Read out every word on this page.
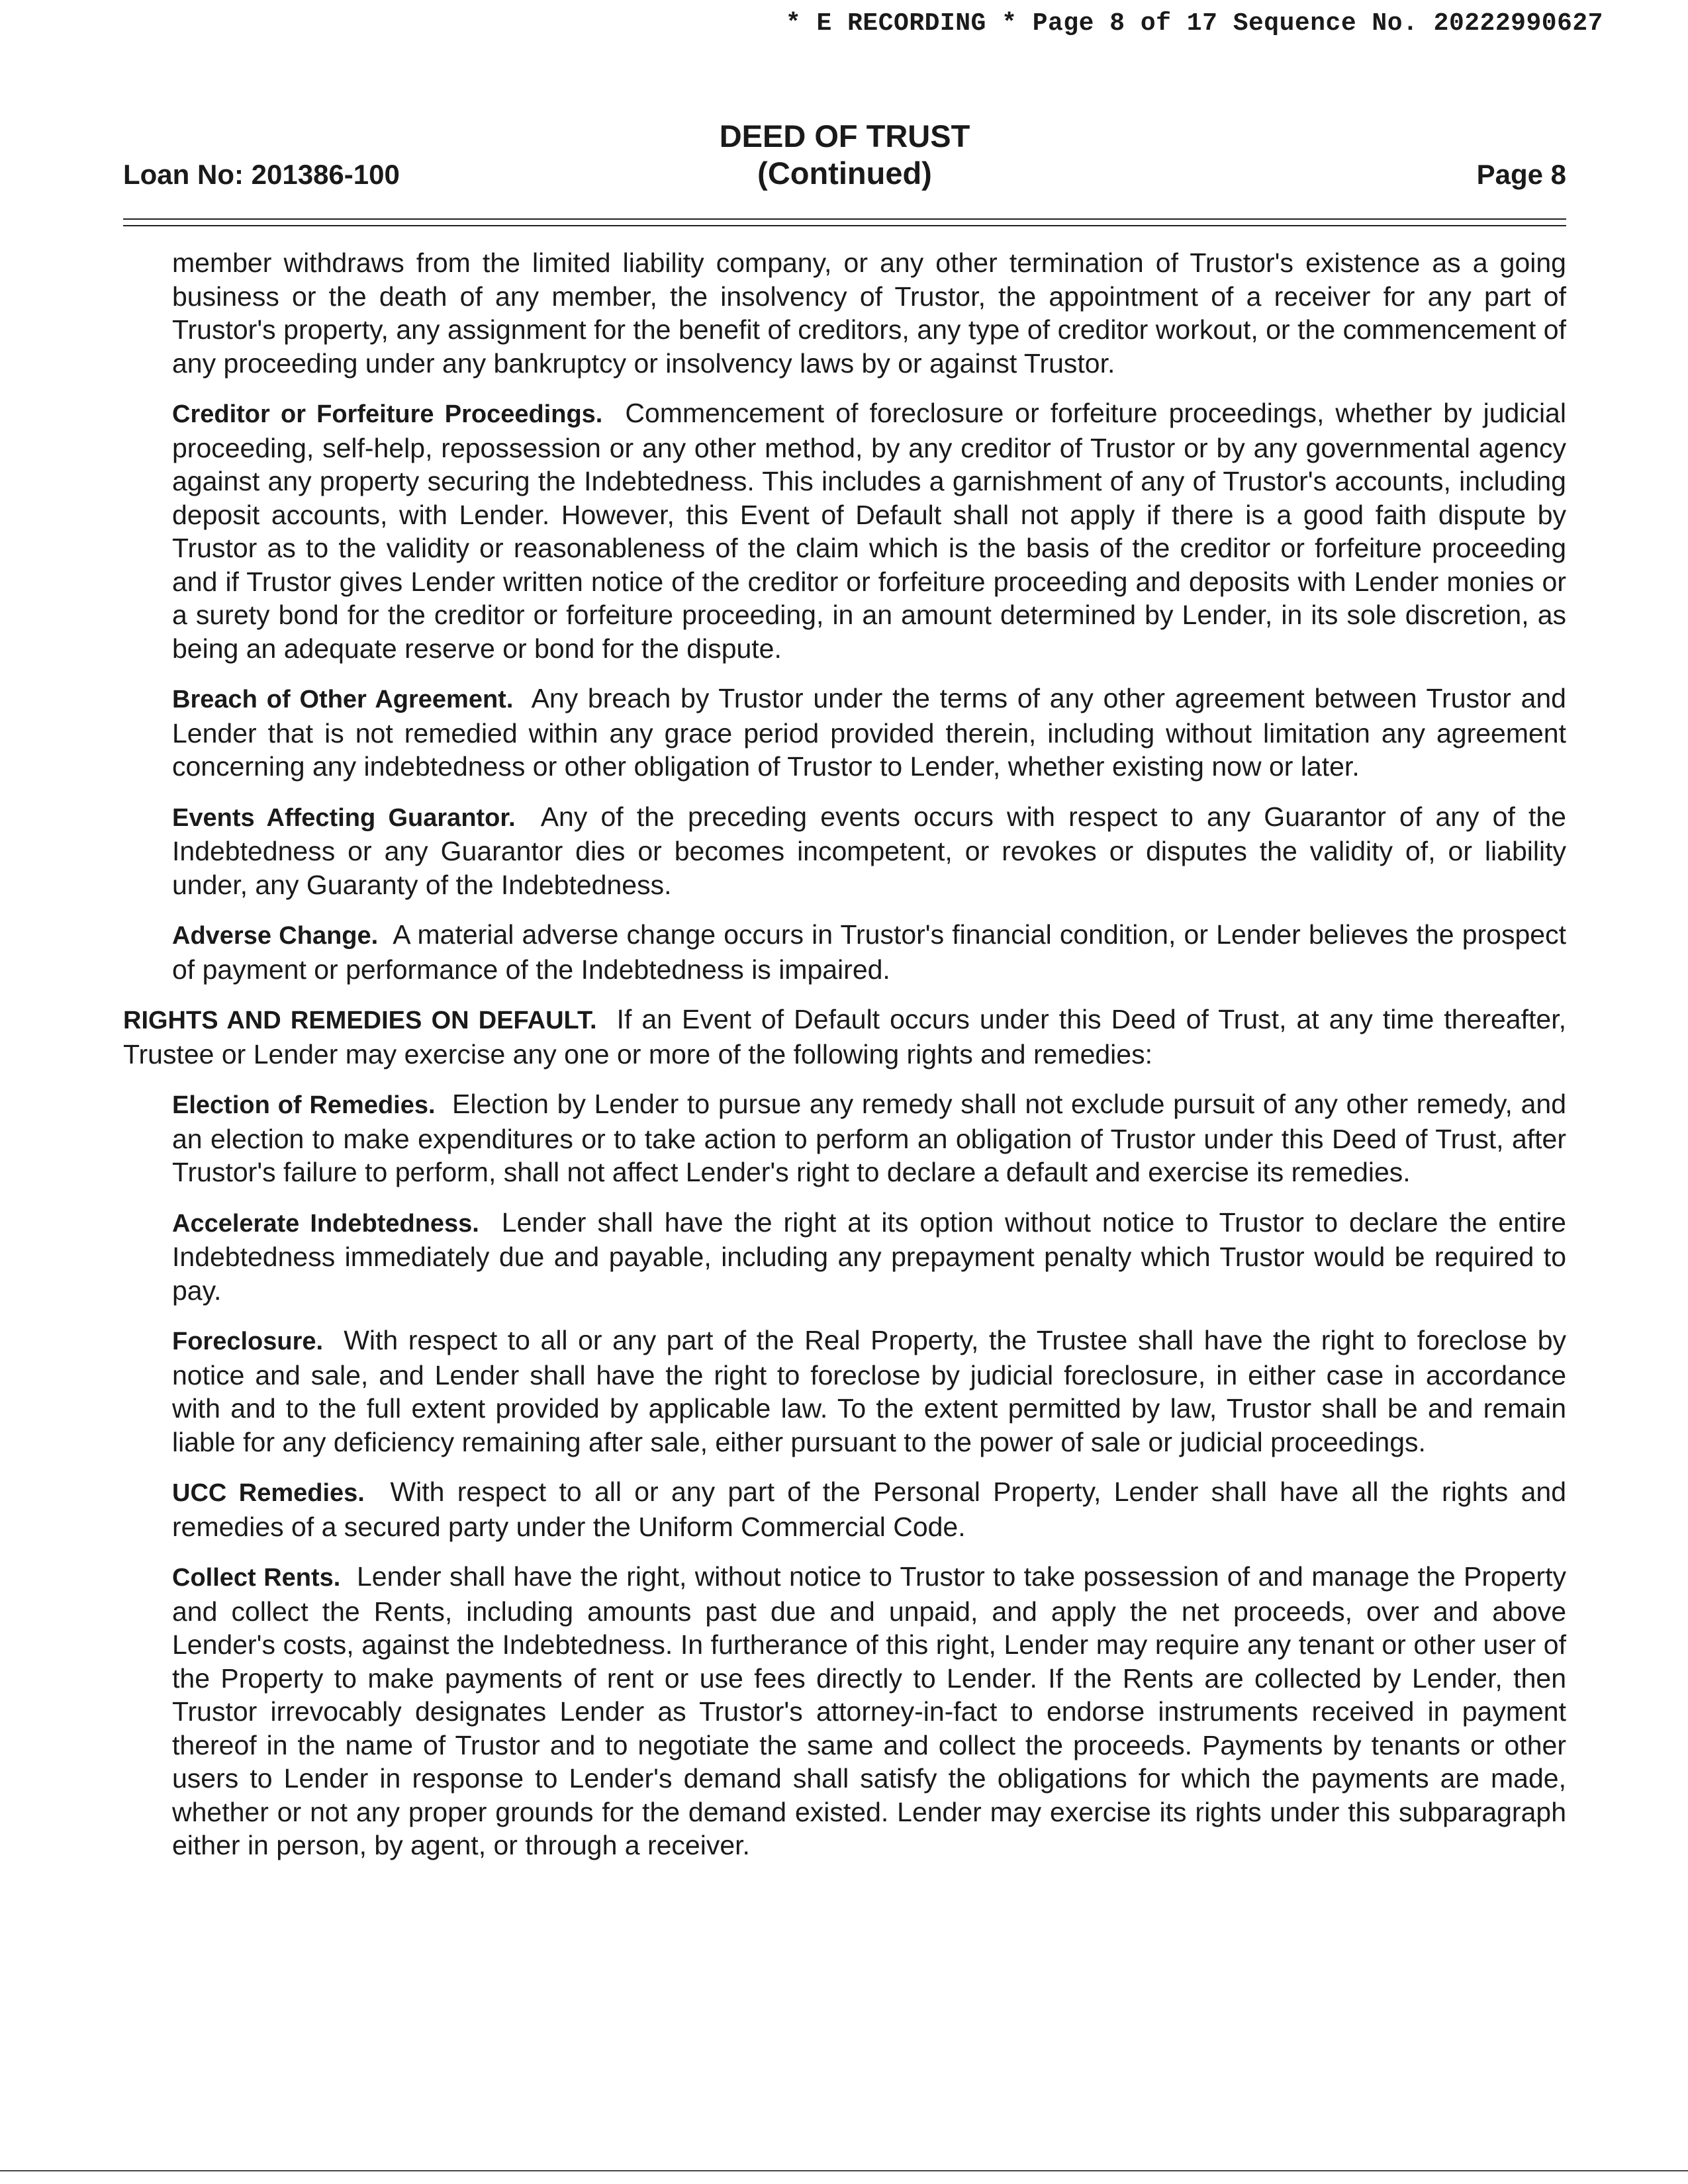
* E RECORDING * Page 8 of 17 Sequence No. 20222990627
Loan No: 201386-100
DEED OF TRUST
(Continued)	Page 8

member withdraws from the limited liability company, or any other termination of Trustor's existence as a going business or the death of any member, the insolvency of Trustor, the appointment of a receiver for any part of Trustor's property, any assignment for the benefit of creditors, any type of creditor workout, or the commencement of any proceeding under any bankruptcy or insolvency laws by or against Trustor.

Creditor or Forfeiture Proceedings. Commencement of foreclosure or forfeiture proceedings, whether by judicial proceeding, self-help, repossession or any other method, by any creditor of Trustor or by any governmental agency against any property securing the Indebtedness. This includes a garnishment of any of Trustor's accounts, including deposit accounts, with Lender. However, this Event of Default shall not apply if there is a good faith dispute by Trustor as to the validity or reasonableness of the claim which is the basis of the creditor or forfeiture proceeding and if Trustor gives Lender written notice of the creditor or forfeiture proceeding and deposits with Lender monies or a surety bond for the creditor or forfeiture proceeding, in an amount determined by Lender, in its sole discretion, as being an adequate reserve or bond for the dispute.

Breach of Other Agreement. Any breach by Trustor under the terms of any other agreement between Trustor and Lender that is not remedied within any grace period provided therein, including without limitation any agreement concerning any indebtedness or other obligation of Trustor to Lender, whether existing now or later.

Events Affecting Guarantor. Any of the preceding events occurs with respect to any Guarantor of any of the Indebtedness or any Guarantor dies or becomes incompetent, or revokes or disputes the validity of, or liability under, any Guaranty of the Indebtedness.

Adverse Change. A material adverse change occurs in Trustor's financial condition, or Lender believes the prospect of payment or performance of the Indebtedness is impaired.

RIGHTS AND REMEDIES ON DEFAULT. If an Event of Default occurs under this Deed of Trust, at any time thereafter, Trustee or Lender may exercise any one or more of the following rights and remedies:

Election of Remedies. Election by Lender to pursue any remedy shall not exclude pursuit of any other remedy, and an election to make expenditures or to take action to perform an obligation of Trustor under this Deed of Trust, after Trustor's failure to perform, shall not affect Lender's right to declare a default and exercise its remedies.

Accelerate Indebtedness. Lender shall have the right at its option without notice to Trustor to declare the entire Indebtedness immediately due and payable, including any prepayment penalty which Trustor would be required to pay.

Foreclosure. With respect to all or any part of the Real Property, the Trustee shall have the right to foreclose by notice and sale, and Lender shall have the right to foreclose by judicial foreclosure, in either case in accordance with and to the full extent provided by applicable law. To the extent permitted by law, Trustor shall be and remain liable for any deficiency remaining after sale, either pursuant to the power of sale or judicial proceedings.

UCC Remedies. With respect to all or any part of the Personal Property, Lender shall have all the rights and remedies of a secured party under the Uniform Commercial Code.

Collect Rents. Lender shall have the right, without notice to Trustor to take possession of and manage the Property and collect the Rents, including amounts past due and unpaid, and apply the net proceeds, over and above Lender's costs, against the Indebtedness. In furtherance of this right, Lender may require any tenant or other user of the Property to make payments of rent or use fees directly to Lender. If the Rents are collected by Lender, then Trustor irrevocably designates Lender as Trustor's attorney-in-fact to endorse instruments received in payment thereof in the name of Trustor and to negotiate the same and collect the proceeds. Payments by tenants or other users to Lender in response to Lender's demand shall satisfy the obligations for which the payments are made, whether or not any proper grounds for the demand existed. Lender may exercise its rights under this subparagraph either in person, by agent, or through a receiver.
